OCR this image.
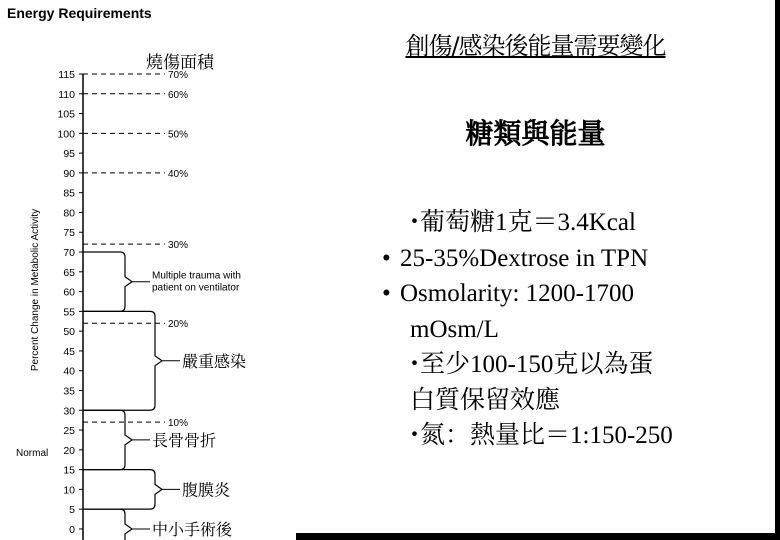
Energy Requirements
燒傷面積
Percent Change in Metabolic Activity
Normal
115
110
105
100
95
90
85
80
75
70
65
60
55
50
45
40
35
30
25
20
15
10
5
0
70%
60%
50%
40%
30%
20%
10%
Multiple trauma with
patient on ventilator
嚴重感染
長骨骨折
腹膜炎
中小手術後
創傷/感染後能量需要變化
糖類與能量
・葡萄糖1克＝3.4Kcal
• 25-35%Dextrose in TPN
• Osmolarity: 1200-1700
mOsm/L
・至少100-150克以為蛋
白質保留效應
・氮：熱量比＝1:150-250
